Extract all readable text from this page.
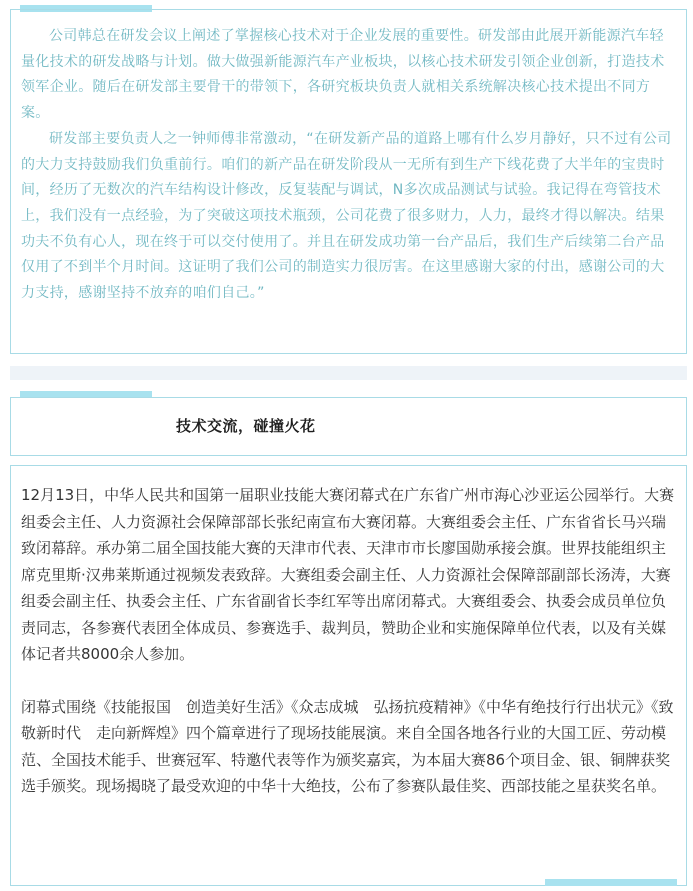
公司韩总在研发会议上阐述了掌握核心技术对于企业发展的重要性。研发部由此展开新能源汽车轻量化技术的研发战略与计划。做大做强新能源汽车产业板块，以核心技术研发引领企业创新，打造技术领军企业。随后在研发部主要骨干的带领下，各研究板块负责人就相关系统解决核心技术提出不同方案。

研发部主要负责人之一钟师傅非常激动，“在研发新产品的道路上哪有什么岁月静好，只不过有公司的大力支持鼓励我们负重前行。咱们的新产品在研发阶段从一无所有到生产下线花费了大半年的宝贵时间，经历了无数次的汽车结构设计修改，反复装配与调试，N多次成品测试与试验。我记得在弯管技术上，我们没有一点经验，为了突破这项技术瓶颈，公司花费了很多财力，人力，最终才得以解决。结果功夫不负有心人，现在终于可以交付使用了。并且在研发成功第一台产品后，我们生产后续第二台产品仅用了不到半个月时间。这证明了我们公司的制造实力很厉害。在这里感谢大家的付出，感谢公司的大力支持，感谢坚持不放弃的咱们自己。”

技术交流，碰撞火花

12月13日，中华人民共和国第一届职业技能大赛闭幕式在广东省广州市海心沙亚运公园举行。大赛组委会主任、人力资源社会保障部部长张纪南宣布大赛闭幕。大赛组委会主任、广东省省长马兴瑞致闭幕辞。承办第二届全国技能大赛的天津市代表、天津市市长廖国勋承接会旗。世界技能组织主席克里斯·汉弗莱斯通过视频发表致辞。大赛组委会副主任、人力资源社会保障部副部长汤涛，大赛组委会副主任、执委会主任、广东省副省长李红军等出席闭幕式。大赛组委会、执委会成员单位负责同志，各参赛代表团全体成员、参赛选手、裁判员，赞助企业和实施保障单位代表，以及有关媒体记者共8000余人参加。

闭幕式围绕《技能报国　创造美好生活》《众志成城　弘扬抗疫精神》《中华有绝技行行出状元》《致敬新时代　走向新辉煌》四个篇章进行了现场技能展演。来自全国各地各行业的大国工匠、劳动模范、全国技术能手、世赛冠军、特邀代表等作为颁奖嘉宾，为本届大赛86个项目金、银、铜牌获奖选手颁奖。现场揭晓了最受欢迎的中华十大绝技，公布了参赛队最佳奖、西部技能之星获奖名单。
